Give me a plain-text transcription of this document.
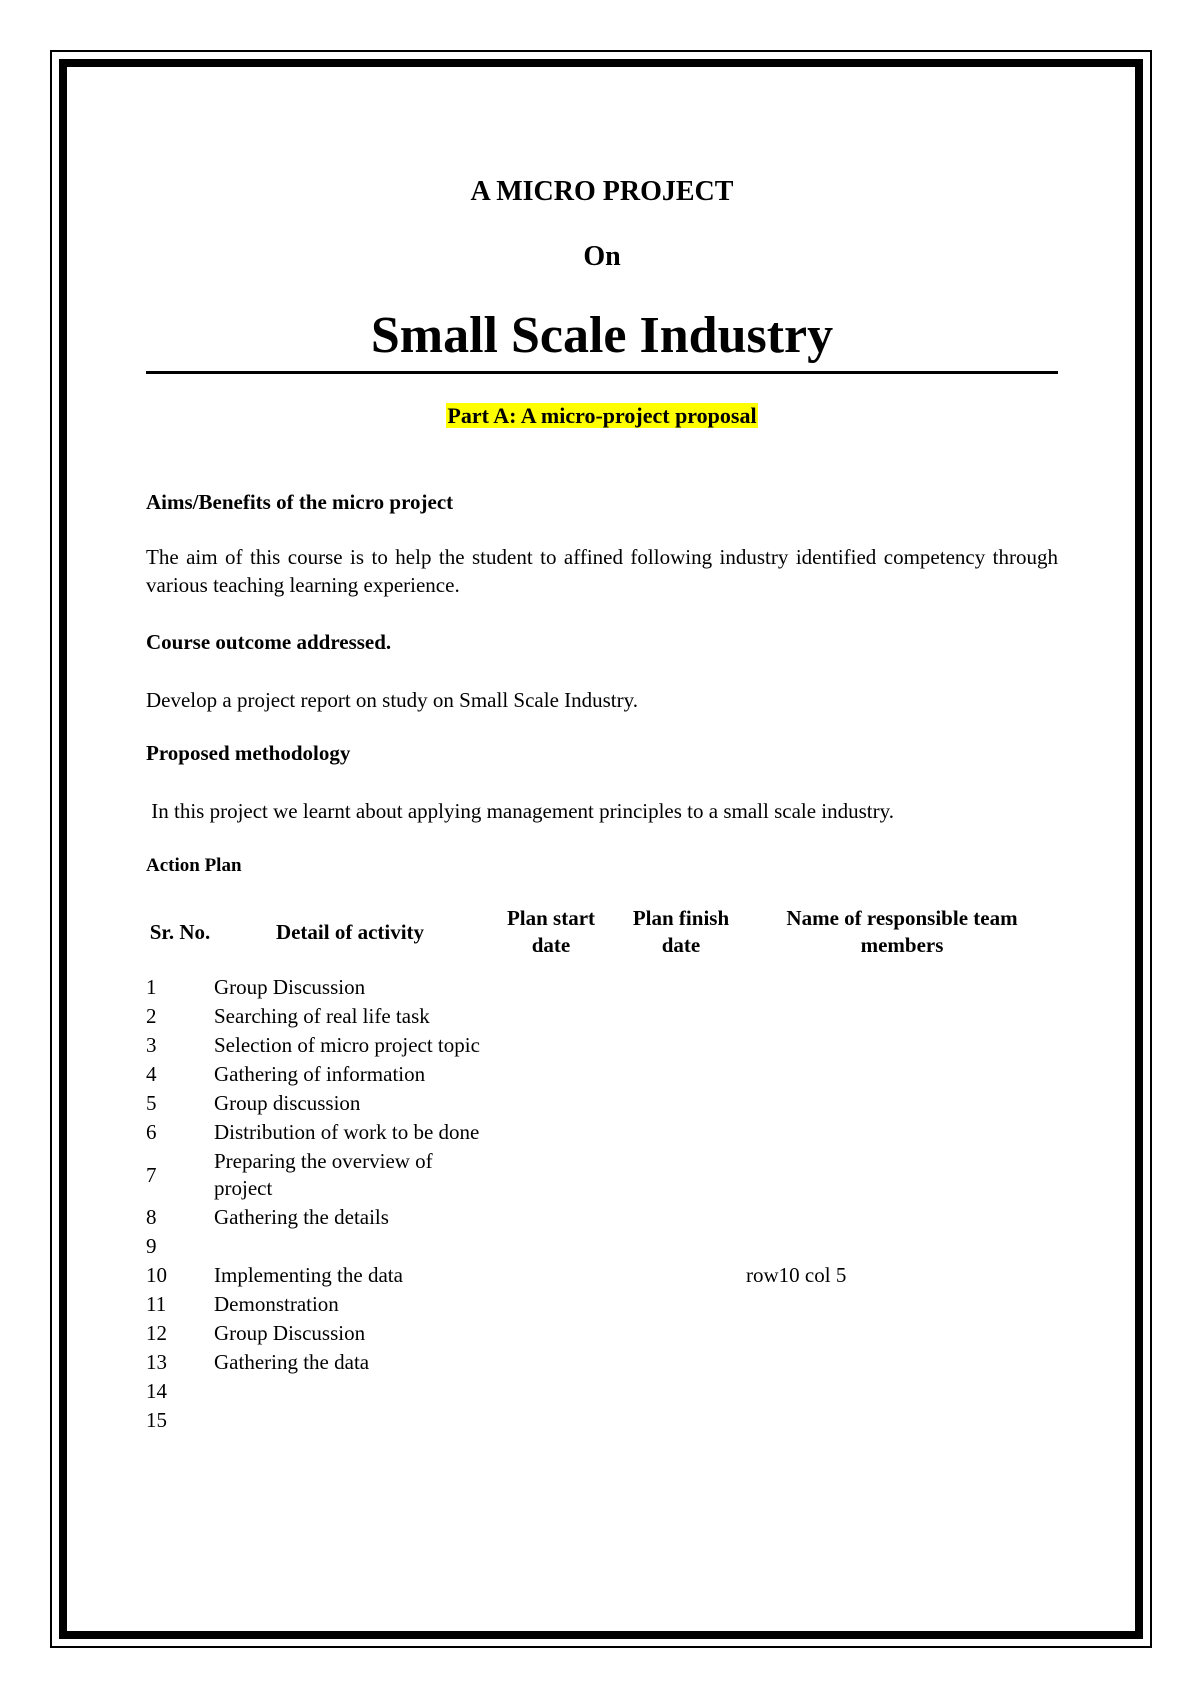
A MICRO PROJECT
On
Small Scale Industry
Part A: A micro-project proposal
Aims/Benefits of the micro project
The aim of this course is to help the student to affined following industry identified competency through various teaching learning experience.
Course outcome addressed.
Develop a project report on study on Small Scale Industry.
Proposed methodology
In this project we learnt about applying management principles to a small scale industry.
Action Plan
Sr. No.	Detail of activity	Plan start date	Plan finish date	Name of responsible team members
1	Group Discussion			
2	Searching of real life task			
3	Selection of micro project topic			
4	Gathering of information			
5	Group discussion			
6	Distribution of work to be done			
7	Preparing the overview of project			
8	Gathering the details			
9				
10	Implementing the data			row10 col 5
11	Demonstration			
12	Group Discussion			
13	Gathering the data			
14				
15				
